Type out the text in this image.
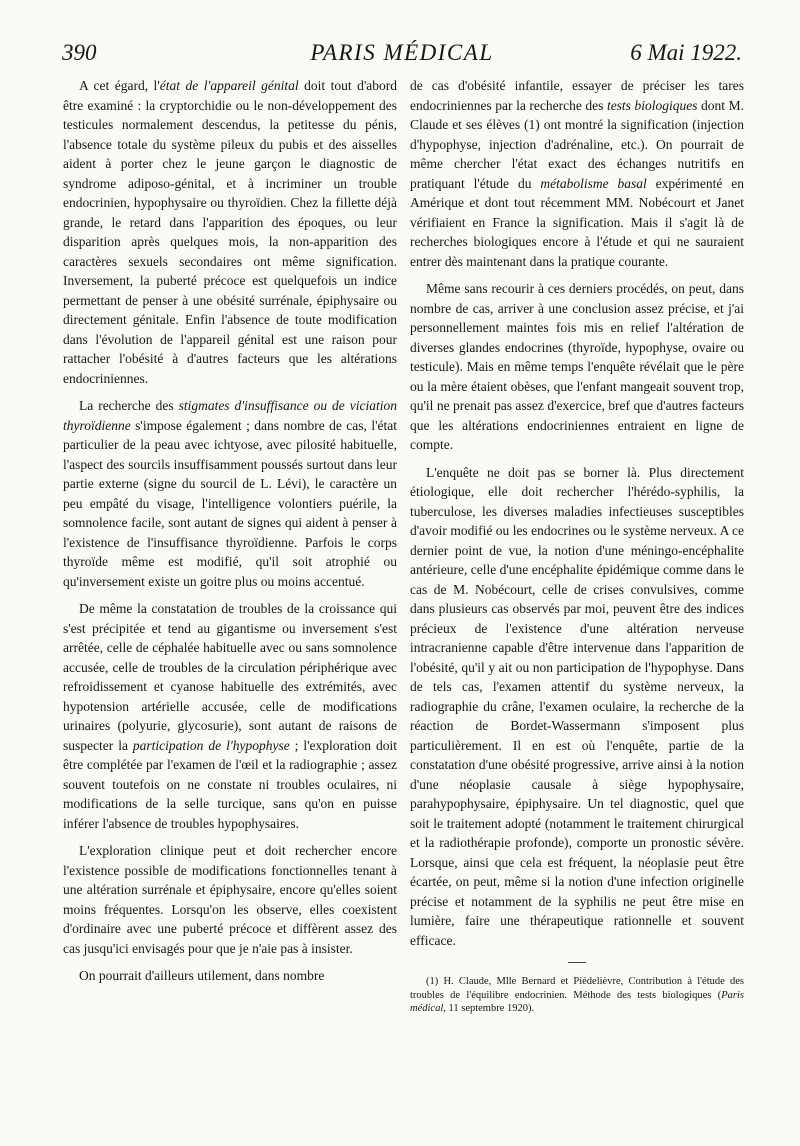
390	PARIS MÉDICAL	6 Mai 1922.

A cet égard, l'état de l'appareil génital doit tout d'abord être examiné : la cryptorchidie ou le non-développement des testicules normalement descendus, la petitesse du pénis, l'absence totale du système pileux du pubis et des aisselles aident à porter chez le jeune garçon le diagnostic de syndrome adiposo-génital, et à incriminer un trouble endocrinien, hypophysaire ou thyroïdien. Chez la fillette déjà grande, le retard dans l'apparition des époques, ou leur disparition après quelques mois, la non-apparition des caractères sexuels secondaires ont même signification. Inversement, la puberté précoce est quelquefois un indice permettant de penser à une obésité surrénale, épiphysaire ou directement génitale. Enfin l'absence de toute modification dans l'évolution de l'appareil génital est une raison pour rattacher l'obésité à d'autres facteurs que les altérations endocriniennes.

La recherche des stigmates d'insuffisance ou de viciation thyroïdienne s'impose également ; dans nombre de cas, l'état particulier de la peau avec ichtyose, avec pilosité habituelle, l'aspect des sourcils insuffisamment poussés surtout dans leur partie externe (signe du sourcil de L. Lévi), le caractère un peu empâté du visage, l'intelligence volontiers puérile, la somnolence facile, sont autant de signes qui aident à penser à l'existence de l'insuffisance thyroïdienne. Parfois le corps thyroïde même est modifié, qu'il soit atrophié ou qu'inversement existe un goitre plus ou moins accentué.

De même la constatation de troubles de la croissance qui s'est précipitée et tend au gigantisme ou inversement s'est arrêtée, celle de céphalée habituelle avec ou sans somnolence accusée, celle de troubles de la circulation périphérique avec refroidissement et cyanose habituelle des extrémités, avec hypotension artérielle accusée, celle de modifications urinaires (polyurie, glycosurie), sont autant de raisons de suspecter la participation de l'hypophyse ; l'exploration doit être complétée par l'examen de l'œil et la radiographie ; assez souvent toutefois on ne constate ni troubles oculaires, ni modifications de la selle turcique, sans qu'on en puisse inférer l'absence de troubles hypophysaires.

L'exploration clinique peut et doit rechercher encore l'existence possible de modifications fonctionnelles tenant à une altération surrénale et épiphysaire, encore qu'elles soient moins fréquentes. Lorsqu'on les observe, elles coexistent d'ordinaire avec une puberté précoce et diffèrent assez des cas jusqu'ici envisagés pour que je n'aie pas à insister.

On pourrait d'ailleurs utilement, dans nombre

de cas d'obésité infantile, essayer de préciser les tares endocriniennes par la recherche des tests biologiques dont M. Claude et ses élèves (1) ont montré la signification (injection d'hypophyse, injection d'adrénaline, etc.). On pourrait de même chercher l'état exact des échanges nutritifs en pratiquant l'étude du métabolisme basal expérimenté en Amérique et dont tout récemment MM. Nobécourt et Janet vérifiaient en France la signification. Mais il s'agit là de recherches biologiques encore à l'étude et qui ne sauraient entrer dès maintenant dans la pratique courante.

Même sans recourir à ces derniers procédés, on peut, dans nombre de cas, arriver à une conclusion assez précise, et j'ai personnellement maintes fois mis en relief l'altération de diverses glandes endocrines (thyroïde, hypophyse, ovaire ou testicule). Mais en même temps l'enquête révélait que le père ou la mère étaient obèses, que l'enfant mangeait souvent trop, qu'il ne prenait pas assez d'exercice, bref que d'autres facteurs que les altérations endocriniennes entraient en ligne de compte.

L'enquête ne doit pas se borner là. Plus directement étiologique, elle doit rechercher l'hérédo-syphilis, la tuberculose, les diverses maladies infectieuses susceptibles d'avoir modifié ou les endocrines ou le système nerveux. A ce dernier point de vue, la notion d'une méningo-encéphalite antérieure, celle d'une encéphalite épidémique comme dans le cas de M. Nobécourt, celle de crises convulsives, comme dans plusieurs cas observés par moi, peuvent être des indices précieux de l'existence d'une altération nerveuse intracranienne capable d'être intervenue dans l'apparition de l'obésité, qu'il y ait ou non participation de l'hypophyse. Dans de tels cas, l'examen attentif du système nerveux, la radiographie du crâne, l'examen oculaire, la recherche de la réaction de Bordet-Wassermann s'imposent plus particulièrement. Il en est où l'enquête, partie de la constatation d'une obésité progressive, arrive ainsi à la notion d'une néoplasie causale à siège hypophysaire, parahypophysaire, épiphysaire. Un tel diagnostic, quel que soit le traitement adopté (notamment le traitement chirurgical et la radiothérapie profonde), comporte un pronostic sévère. Lorsque, ainsi que cela est fréquent, la néoplasie peut être écartée, on peut, même si la notion d'une infection originelle précise et notamment de la syphilis ne peut être mise en lumière, faire une thérapeutique rationnelle et souvent efficace.

(1) H. Claude, Mlle Bernard et Piédelièvre, Contribution à l'étude des troubles de l'équilibre endocrinien. Méthode des tests biologiques (Paris médical, 11 septembre 1920).
